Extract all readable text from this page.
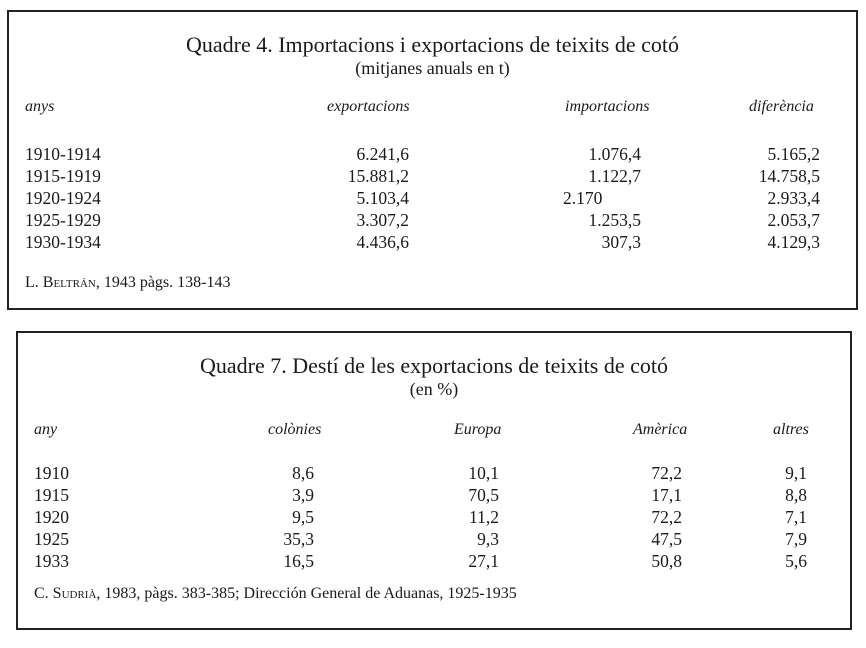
Quadre 4. Importacions i exportacions de teixits de cotó
(mitjanes anuals en t)
anys	exportacions	importacions	diferència
1910-1914	6.241,6	1.076,4	5.165,2
1915-1919	15.881,2	1.122,7	14.758,5
1920-1924	5.103,4	2.170	2.933,4
1925-1929	3.307,2	1.253,5	2.053,7
1930-1934	4.436,6	307,3	4.129,3
L. Beltrán, 1943 pàgs. 138-143
Quadre 7. Destí de les exportacions de teixits de cotó
(en %)
any	colònies	Europa	Amèrica	altres
1910	8,6	10,1	72,2	9,1
1915	3,9	70,5	17,1	8,8
1920	9,5	11,2	72,2	7,1
1925	35,3	9,3	47,5	7,9
1933	16,5	27,1	50,8	5,6
C. Sudrià, 1983, pàgs. 383-385; Dirección General de Aduanas, 1925-1935
